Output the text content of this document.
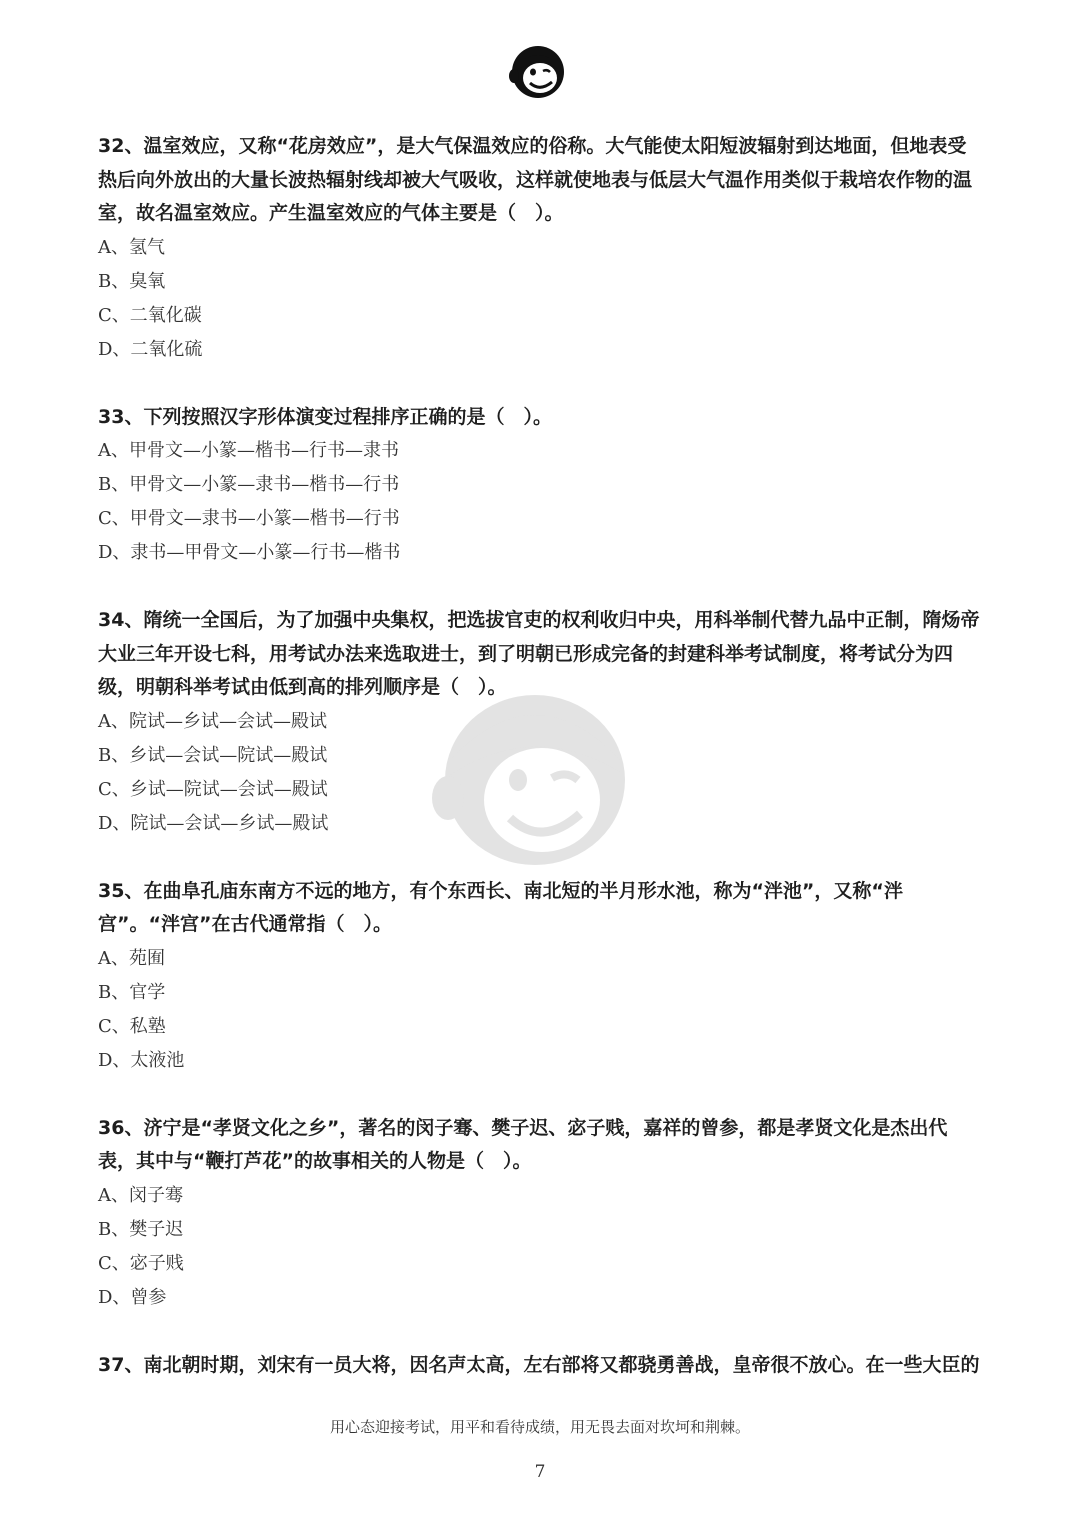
32、温室效应，又称“花房效应”，是大气保温效应的俗称。大气能使太阳短波辐射到达地面，但地表受热后向外放出的大量长波热辐射线却被大气吸收，这样就使地表与低层大气温作用类似于栽培农作物的温室，故名温室效应。产生温室效应的气体主要是（　）。

A、氢气

B、臭氧

C、二氧化碳

D、二氧化硫

33、下列按照汉字形体演变过程排序正确的是（　）。

A、甲骨文—小篆—楷书—行书—隶书

B、甲骨文—小篆—隶书—楷书—行书

C、甲骨文—隶书—小篆—楷书—行书

D、隶书—甲骨文—小篆—行书—楷书

34、隋统一全国后，为了加强中央集权，把选拔官吏的权利收归中央，用科举制代替九品中正制，隋炀帝大业三年开设七科，用考试办法来选取进士，到了明朝已形成完备的封建科举考试制度，将考试分为四级，明朝科举考试由低到高的排列顺序是（　）。

A、院试—乡试—会试—殿试

B、乡试—会试—院试—殿试

C、乡试—院试—会试—殿试

D、院试—会试—乡试—殿试

35、在曲阜孔庙东南方不远的地方，有个东西长、南北短的半月形水池，称为“泮池”，又称“泮宫”。“泮宫”在古代通常指（　）。

A、苑囿

B、官学

C、私塾

D、太液池

36、济宁是“孝贤文化之乡”，著名的闵子骞、樊子迟、宓子贱，嘉祥的曾参，都是孝贤文化是杰出代表，其中与“鞭打芦花”的故事相关的人物是（　）。

A、闵子骞

B、樊子迟

C、宓子贱

D、曾参

37、南北朝时期，刘宋有一员大将，因名声太高，左右部将又都骁勇善战，皇帝很不放心。在一些大臣的

用心态迎接考试，用平和看待成绩，用无畏去面对坎坷和荆棘。
7
